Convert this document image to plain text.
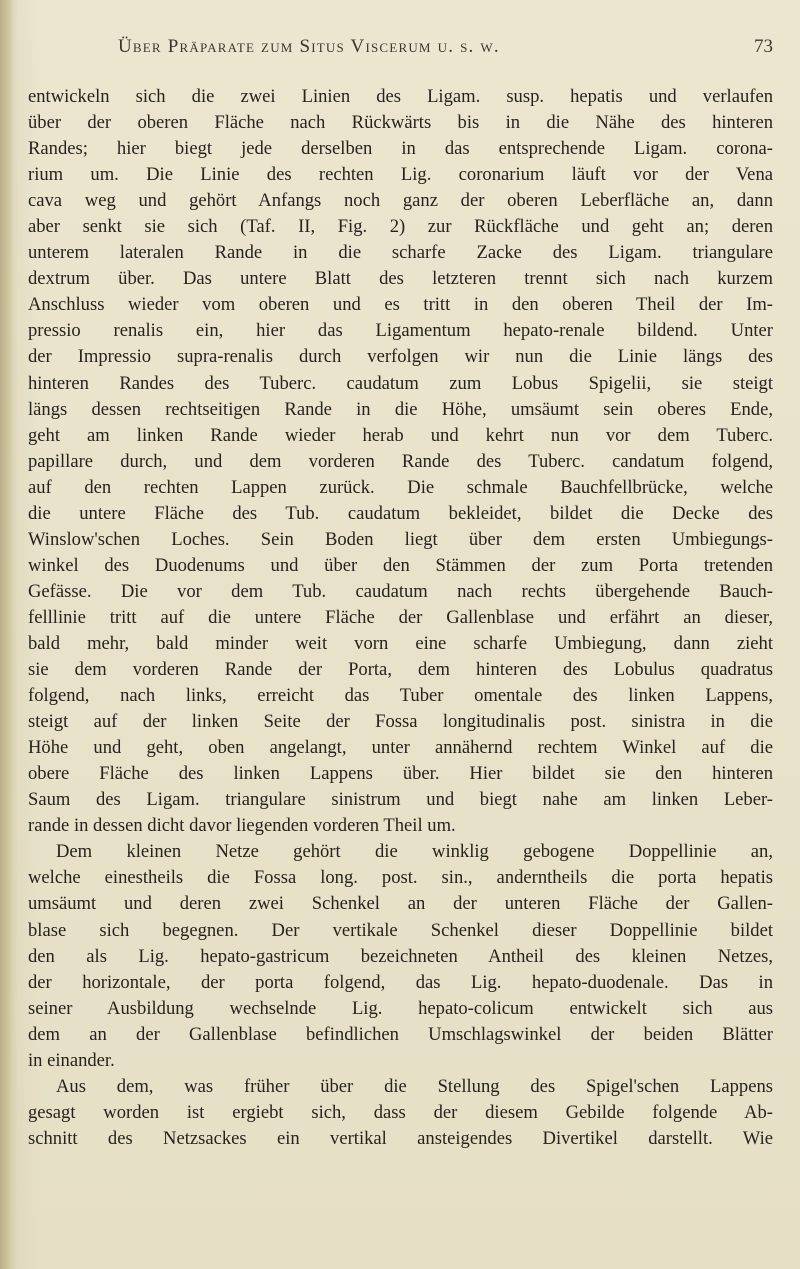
Über Präparate zum Situs Viscerum u. s. w.	73
entwickeln sich die zwei Linien des Ligam. susp. hepatis und verlaufen
über der oberen Fläche nach Rückwärts bis in die Nähe des hinteren
Randes; hier biegt jede derselben in das entsprechende Ligam. corona-
rium um. Die Linie des rechten Lig. coronarium läuft vor der Vena
cava weg und gehört Anfangs noch ganz der oberen Leberfläche an, dann
aber senkt sie sich (Taf. II, Fig. 2) zur Rückfläche und geht an; deren
unterem lateralen Rande in die scharfe Zacke des Ligam. triangulare
dextrum über. Das untere Blatt des letzteren trennt sich nach kurzem
Anschluss wieder vom oberen und es tritt in den oberen Theil der Im-
pressio renalis ein, hier das Ligamentum hepato-renale bildend. Unter
der Impressio supra-renalis durch verfolgen wir nun die Linie längs des
hinteren Randes des Tuberc. caudatum zum Lobus Spigelii, sie steigt
längs dessen rechtseitigen Rande in die Höhe, umsäumt sein oberes Ende,
geht am linken Rande wieder herab und kehrt nun vor dem Tuberc.
papillare durch, und dem vorderen Rande des Tuberc. candatum folgend,
auf den rechten Lappen zurück. Die schmale Bauchfellbrücke, welche
die untere Fläche des Tub. caudatum bekleidet, bildet die Decke des
Winslow'schen Loches. Sein Boden liegt über dem ersten Umbiegungs-
winkel des Duodenums und über den Stämmen der zum Porta tretenden
Gefässe. Die vor dem Tub. caudatum nach rechts übergehende Bauch-
felllinie tritt auf die untere Fläche der Gallenblase und erfährt an dieser,
bald mehr, bald minder weit vorn eine scharfe Umbiegung, dann zieht
sie dem vorderen Rande der Porta, dem hinteren des Lobulus quadratus
folgend, nach links, erreicht das Tuber omentale des linken Lappens,
steigt auf der linken Seite der Fossa longitudinalis post. sinistra in die
Höhe und geht, oben angelangt, unter annähernd rechtem Winkel auf die
obere Fläche des linken Lappens über. Hier bildet sie den hinteren
Saum des Ligam. triangulare sinistrum und biegt nahe am linken Leber-
rande in dessen dicht davor liegenden vorderen Theil um.
Dem kleinen Netze gehört die winklig gebogene Doppellinie an,
welche einestheils die Fossa long. post. sin., anderntheils die porta hepatis
umsäumt und deren zwei Schenkel an der unteren Fläche der Gallen-
blase sich begegnen. Der vertikale Schenkel dieser Doppellinie bildet
den als Lig. hepato-gastricum bezeichneten Antheil des kleinen Netzes,
der horizontale, der porta folgend, das Lig. hepato-duodenale. Das in
seiner Ausbildung wechselnde Lig. hepato-colicum entwickelt sich aus
dem an der Gallenblase befindlichen Umschlagswinkel der beiden Blätter
in einander.
Aus dem, was früher über die Stellung des Spigel'schen Lappens
gesagt worden ist ergiebt sich, dass der diesem Gebilde folgende Ab-
schnitt des Netzsackes ein vertikal ansteigendes Divertikel darstellt. Wie
